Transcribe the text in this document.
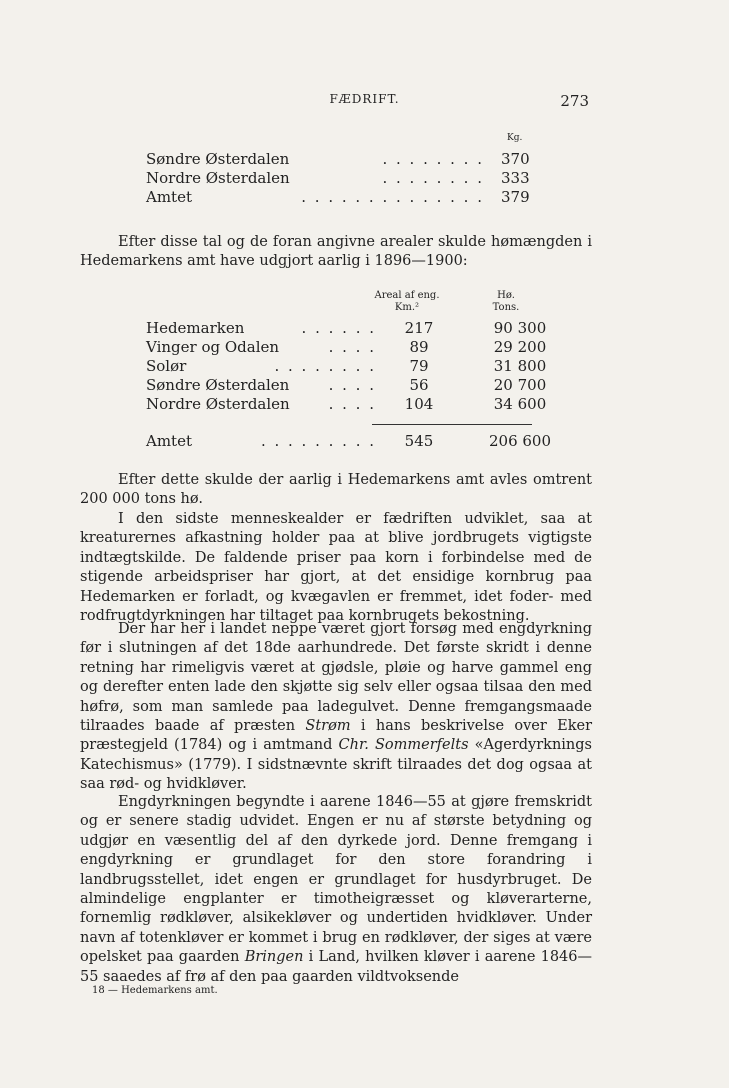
FÆDRIFT.	273
Kg.
Søndre Østerdalen	. . . . . . . . 370
Nordre Østerdalen	. . . . . . . . 333
Amtet	. . . . . . . . . . . . . . 379
Efter disse tal og de foran angivne arealer skulde hømængden i Hedemarkens amt have udgjort aarlig i 1896—1900:
Areal af eng.
Km.²
Hø.
Tons.
Hedemarken	. . . . . .	217	90 300
Vinger og Odalen	. . . .	89	29 200
Solør	. . . . . . . .	79	31 800
Søndre Østerdalen	. . . .	56	20 700
Nordre Østerdalen	. . . .	104	34 600
Amtet	. . . . . . . . .	545	206 600
Efter dette skulde der aarlig i Hedemarkens amt avles omtrent 200 000 tons hø.
I den sidste menneskealder er fædriften udviklet, saa at kreaturernes afkastning holder paa at blive jordbrugets vigtigste indtægtskilde. De faldende priser paa korn i forbindelse med de stigende arbeidspriser har gjort, at det ensidige kornbrug paa Hedemarken er forladt, og kvægavlen er fremmet, idet foder- med rodfrugtdyrkningen har tiltaget paa kornbrugets bekostning.
Der har her i landet neppe været gjort forsøg med engdyrkning før i slutningen af det 18de aarhundrede. Det første skridt i denne retning har rimeligvis været at gjødsle, pløie og harve gammel eng og derefter enten lade den skjøtte sig selv eller ogsaa tilsaa den med høfrø, som man samlede paa ladegulvet. Denne fremgangsmaade tilraades baade af præsten Strøm i hans beskrivelse over Eker præstegjeld (1784) og i amtmand Chr. Sommerfelts «Agerdyrknings Katechismus» (1779). I sidstnævnte skrift tilraades det dog ogsaa at saa rød- og hvidkløver.
Engdyrkningen begyndte i aarene 1846—55 at gjøre fremskridt og er senere stadig udvidet. Engen er nu af største betydning og udgjør en væsentlig del af den dyrkede jord. Denne fremgang i engdyrkning er grundlaget for den store forandring i landbrugsstellet, idet engen er grundlaget for husdyrbruget. De almindelige engplanter er timotheigræsset og kløverarterne, fornemlig rødkløver, alsikekløver og undertiden hvidkløver. Under navn af totenkløver er kommet i brug en rødkløver, der siges at være opelsket paa gaarden Bringen i Land, hvilken kløver i aarene 1846—55 saaedes af frø af den paa gaarden vildtvoksende
18 — Hedemarkens amt.
